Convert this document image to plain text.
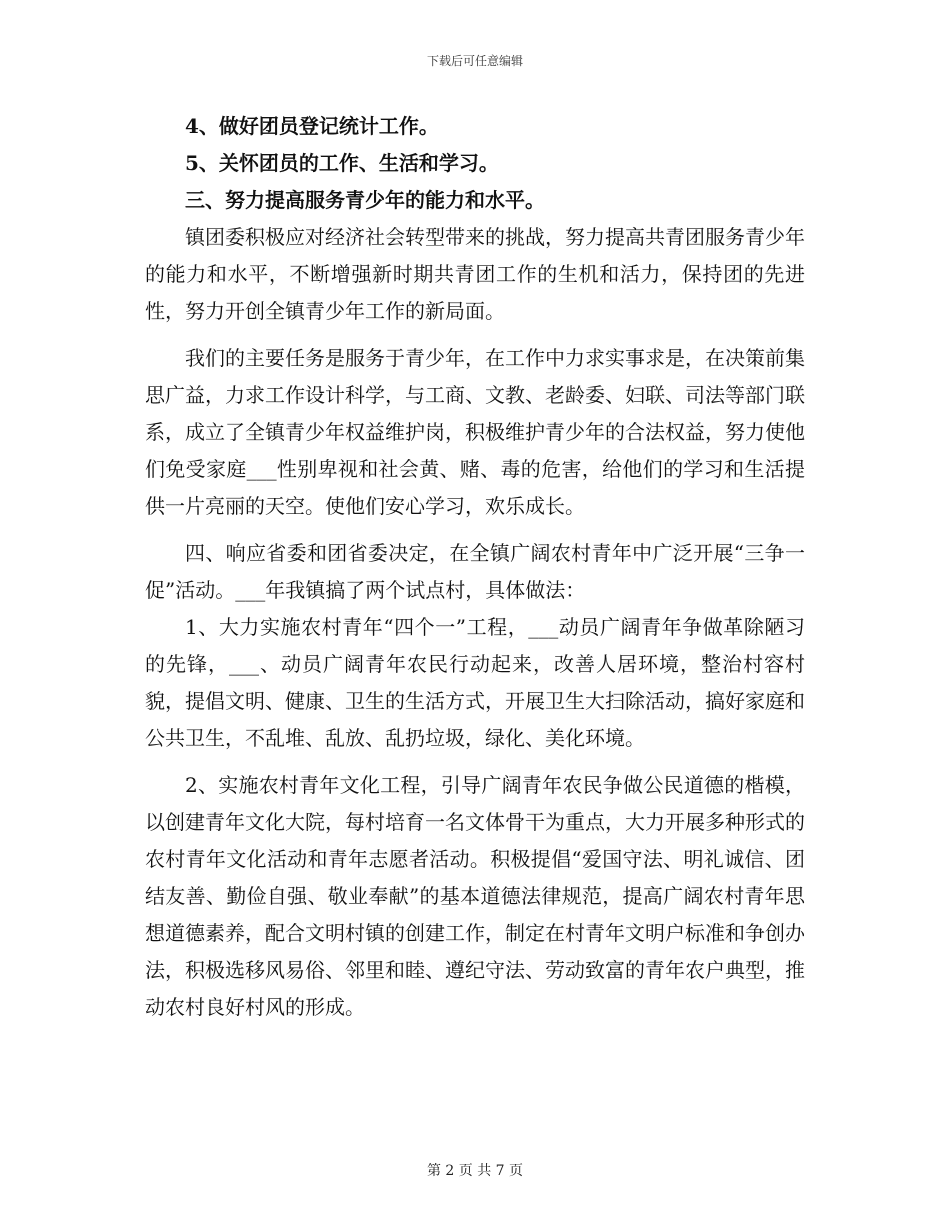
下载后可任意编辑

4、做好团员登记统计工作。

5、关怀团员的工作、生活和学习。

三、努力提高服务青少年的能力和水平。

镇团委积极应对经济社会转型带来的挑战，努力提高共青团服务青少年的能力和水平，不断增强新时期共青团工作的生机和活力，保持团的先进性，努力开创全镇青少年工作的新局面。

我们的主要任务是服务于青少年，在工作中力求实事求是，在决策前集思广益，力求工作设计科学，与工商、文教、老龄委、妇联、司法等部门联系，成立了全镇青少年权益维护岗，积极维护青少年的合法权益，努力使他们免受家庭___性别卑视和社会黄、赌、毒的危害，给他们的学习和生活提供一片亮丽的天空。使他们安心学习，欢乐成长。

四、响应省委和团省委决定，在全镇广阔农村青年中广泛开展“三争一促”活动。___年我镇搞了两个试点村，具体做法：

1、大力实施农村青年“四个一”工程，___动员广阔青年争做革除陋习的先锋，___、动员广阔青年农民行动起来，改善人居环境，整治村容村貌，提倡文明、健康、卫生的生活方式，开展卫生大扫除活动，搞好家庭和公共卫生，不乱堆、乱放、乱扔垃圾，绿化、美化环境。

2、实施农村青年文化工程，引导广阔青年农民争做公民道德的楷模，以创建青年文化大院，每村培育一名文体骨干为重点，大力开展多种形式的农村青年文化活动和青年志愿者活动。积极提倡“爱国守法、明礼诚信、团结友善、勤俭自强、敬业奉献”的基本道德法律规范，提高广阔农村青年思想道德素养，配合文明村镇的创建工作，制定在村青年文明户标准和争创办法，积极选移风易俗、邻里和睦、遵纪守法、劳动致富的青年农户典型，推动农村良好村风的形成。

第 2 页 共 7 页
